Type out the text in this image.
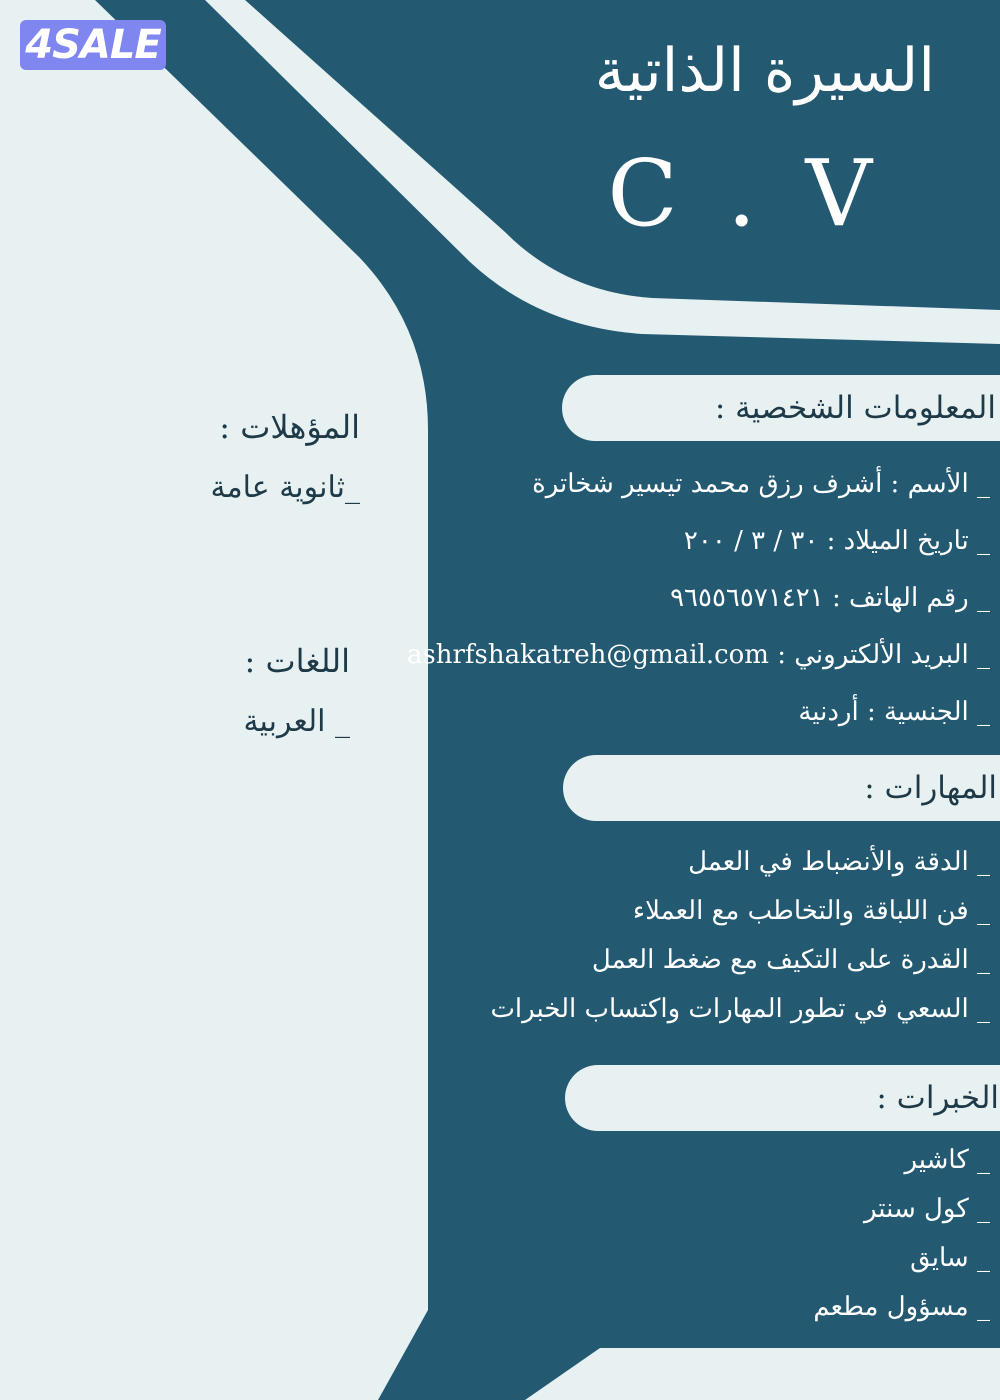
4SALE	السيرة الذاتية
C . V
المعلومات الشخصية :
_ الأسم : أشرف رزق محمد تيسير شخاترة
_ تاريخ الميلاد : ٣٠ / ٣ / ٢٠٠
_ رقم الهاتف : ٩٦٥٥٦٥٧١٤٢١
_ البريد الألكتروني : ashrfshakatreh@gmail.com
_ الجنسية : أردنية
المهارات :
_ الدقة والأنضباط في العمل
_ فن اللباقة والتخاطب مع العملاء
_ القدرة على التكيف مع ضغط العمل
_ السعي في تطور المهارات واكتساب الخبرات
الخبرات :
_ كاشير
_ كول سنتر
_ سايق
_ مسؤول مطعم
المؤهلات :
_ثانوية عامة
اللغات :
_ العربية
